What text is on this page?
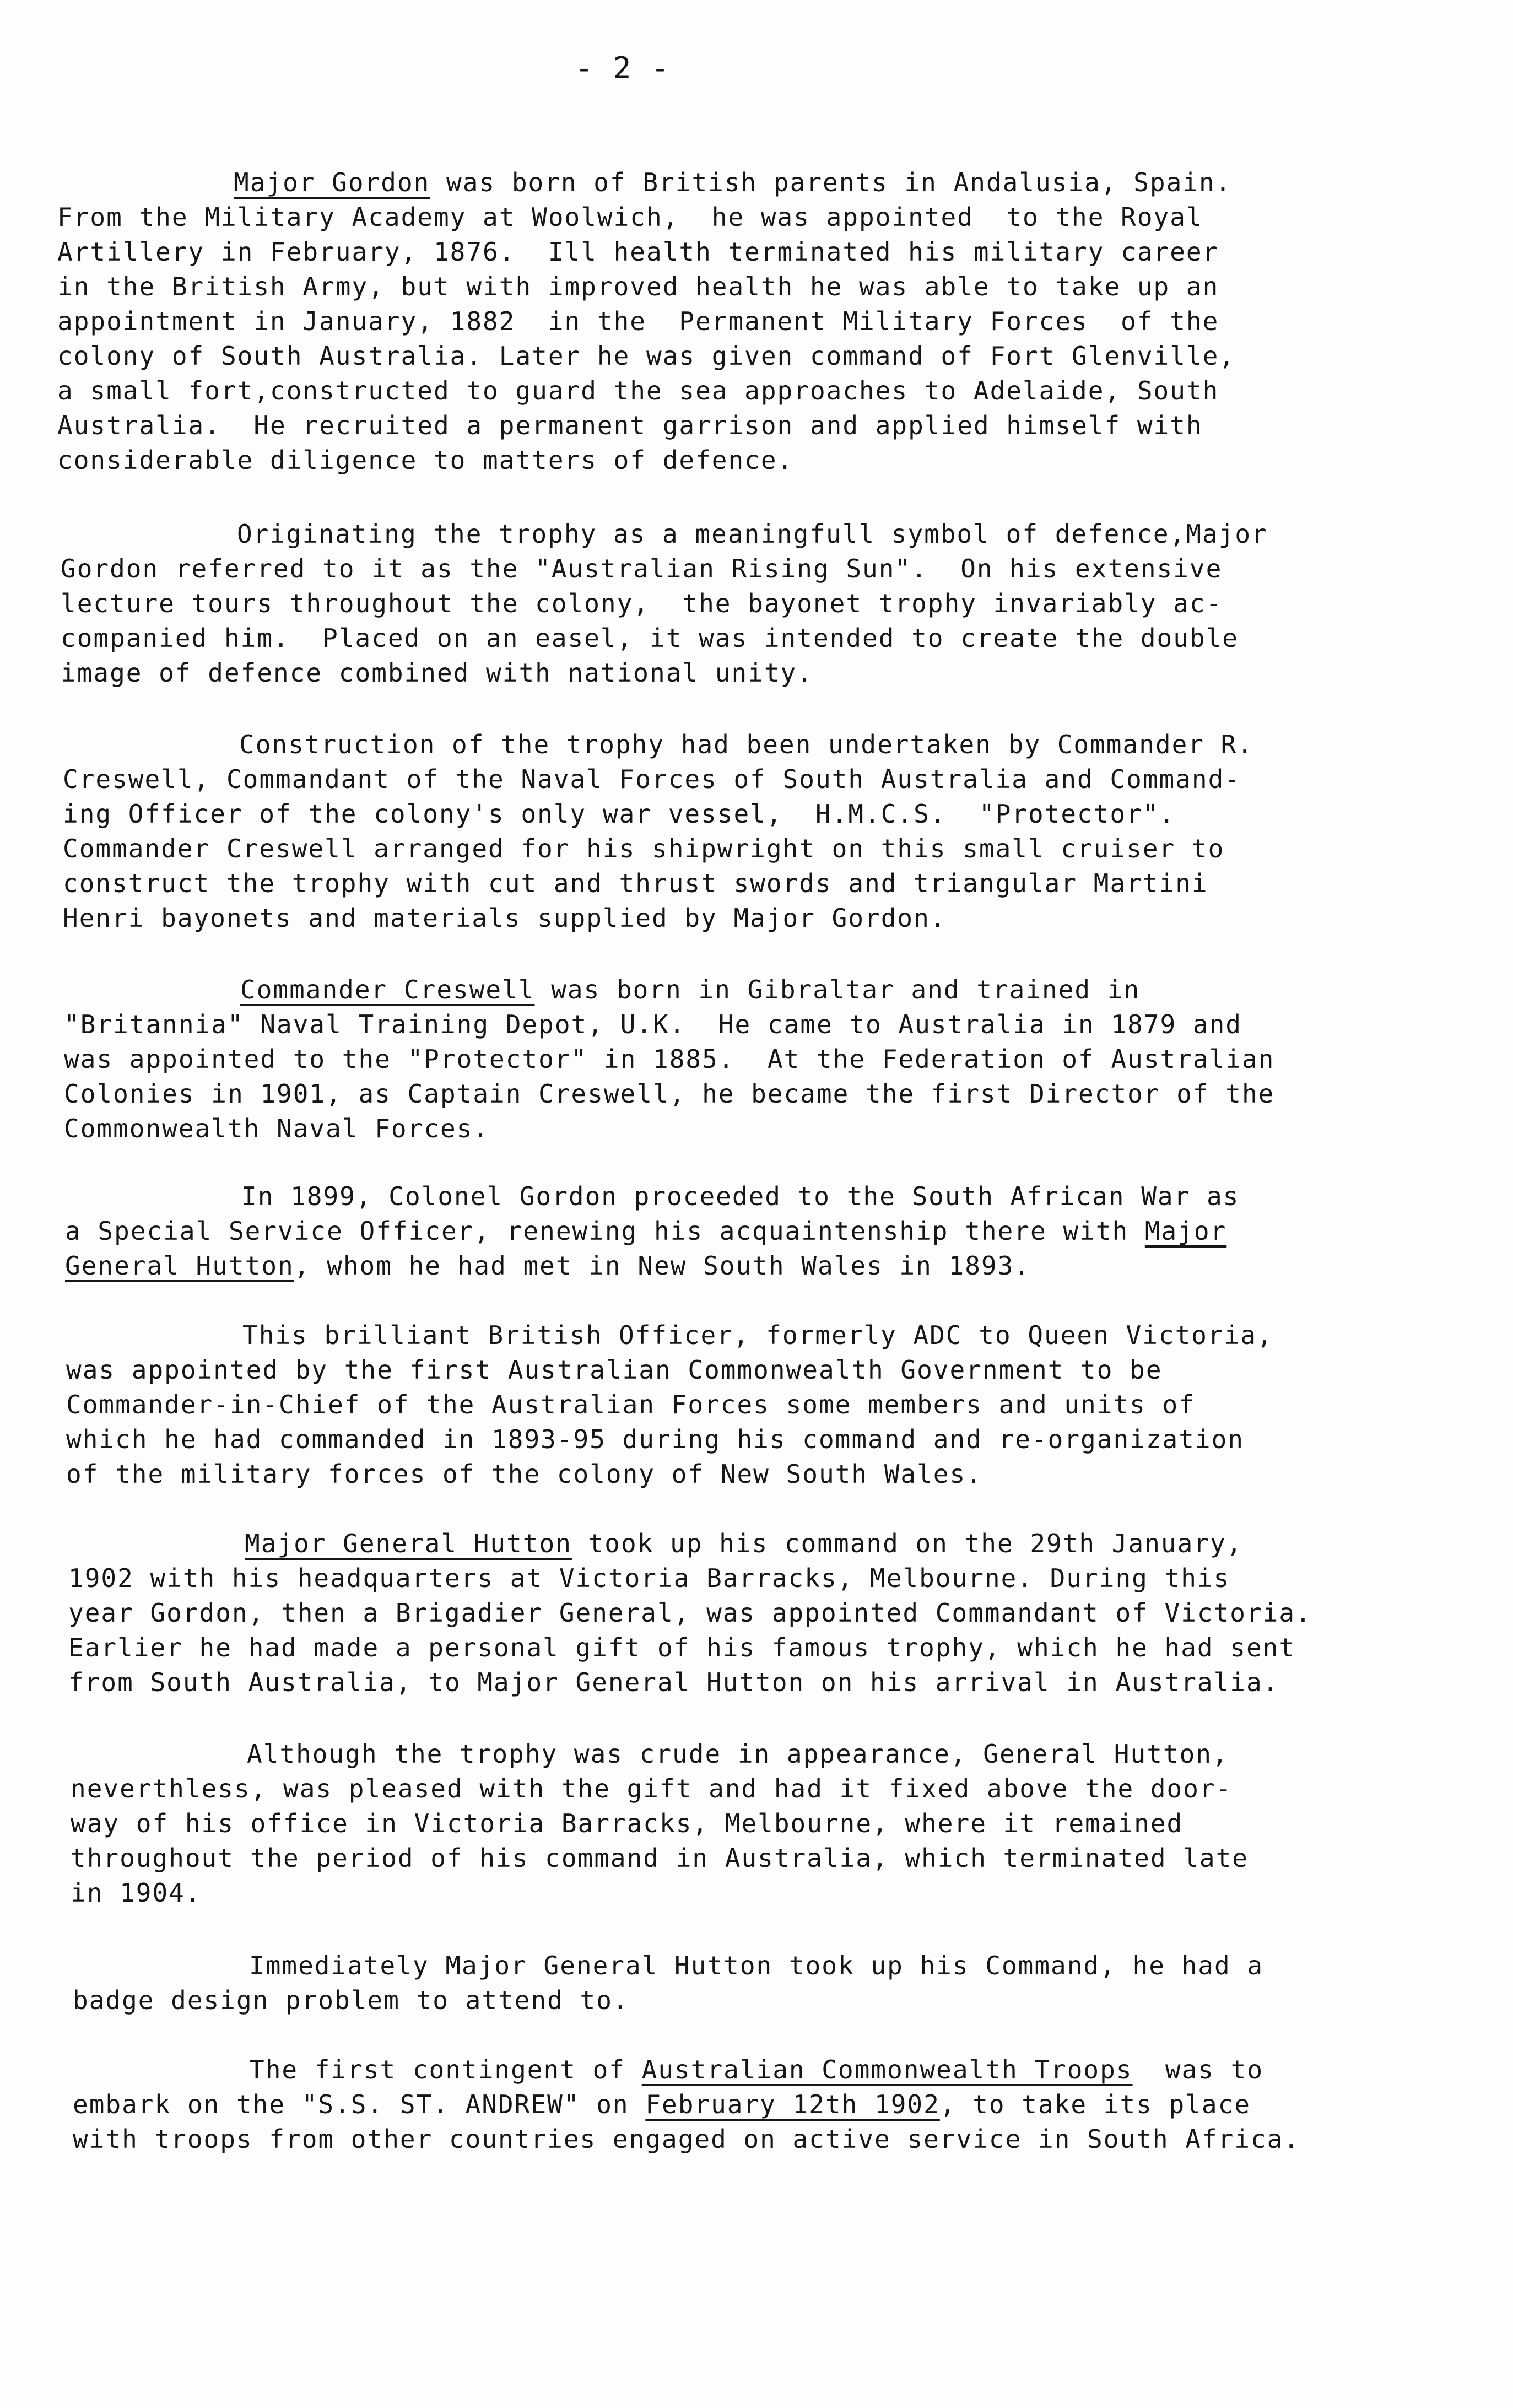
- 2 -
Major Gordon was born of British parents in Andalusia, Spain.
From the Military Academy at Woolwich,  he was appointed  to the Royal
Artillery in February, 1876.  Ill health terminated his military career
in the British Army, but with improved health he was able to take up an
appointment in January, 1882  in the  Permanent Military Forces  of the
colony of South Australia. Later he was given command of Fort Glenville,
a small fort,constructed to guard the sea approaches to Adelaide, South
Australia.  He recruited a permanent garrison and applied himself with
considerable diligence to matters of defence.
Originating the trophy as a meaningfull symbol of defence,Major
Gordon referred to it as the "Australian Rising Sun".  On his extensive
lecture tours throughout the colony,  the bayonet trophy invariably ac-
companied him.  Placed on an easel, it was intended to create the double
image of defence combined with national unity.
Construction of the trophy had been undertaken by Commander R.
Creswell, Commandant of the Naval Forces of South Australia and Command-
ing Officer of the colony's only war vessel,  H.M.C.S.  "Protector".
Commander Creswell arranged for his shipwright on this small cruiser to
construct the trophy with cut and thrust swords and triangular Martini
Henri bayonets and materials supplied by Major Gordon.
Commander Creswell was born in Gibraltar and trained in
"Britannia" Naval Training Depot, U.K.  He came to Australia in 1879 and
was appointed to the "Protector" in 1885.  At the Federation of Australian
Colonies in 1901, as Captain Creswell, he became the first Director of the
Commonwealth Naval Forces.
In 1899, Colonel Gordon proceeded to the South African War as
a Special Service Officer, renewing his acquaintenship there with Major
General Hutton, whom he had met in New South Wales in 1893.
This brilliant British Officer, formerly ADC to Queen Victoria,
was appointed by the first Australian Commonwealth Government to be
Commander-in-Chief of the Australian Forces some members and units of
which he had commanded in 1893-95 during his command and re-organization
of the military forces of the colony of New South Wales.
Major General Hutton took up his command on the 29th January,
1902 with his headquarters at Victoria Barracks, Melbourne. During this
year Gordon, then a Brigadier General, was appointed Commandant of Victoria.
Earlier he had made a personal gift of his famous trophy, which he had sent
from South Australia, to Major General Hutton on his arrival in Australia.
Although the trophy was crude in appearance, General Hutton,
neverthless, was pleased with the gift and had it fixed above the door-
way of his office in Victoria Barracks, Melbourne, where it remained
throughout the period of his command in Australia, which terminated late
in 1904.
Immediately Major General Hutton took up his Command, he had a
badge design problem to attend to.
The first contingent of Australian Commonwealth Troops  was to
embark on the "S.S. ST. ANDREW" on February 12th 1902, to take its place
with troops from other countries engaged on active service in South Africa.
